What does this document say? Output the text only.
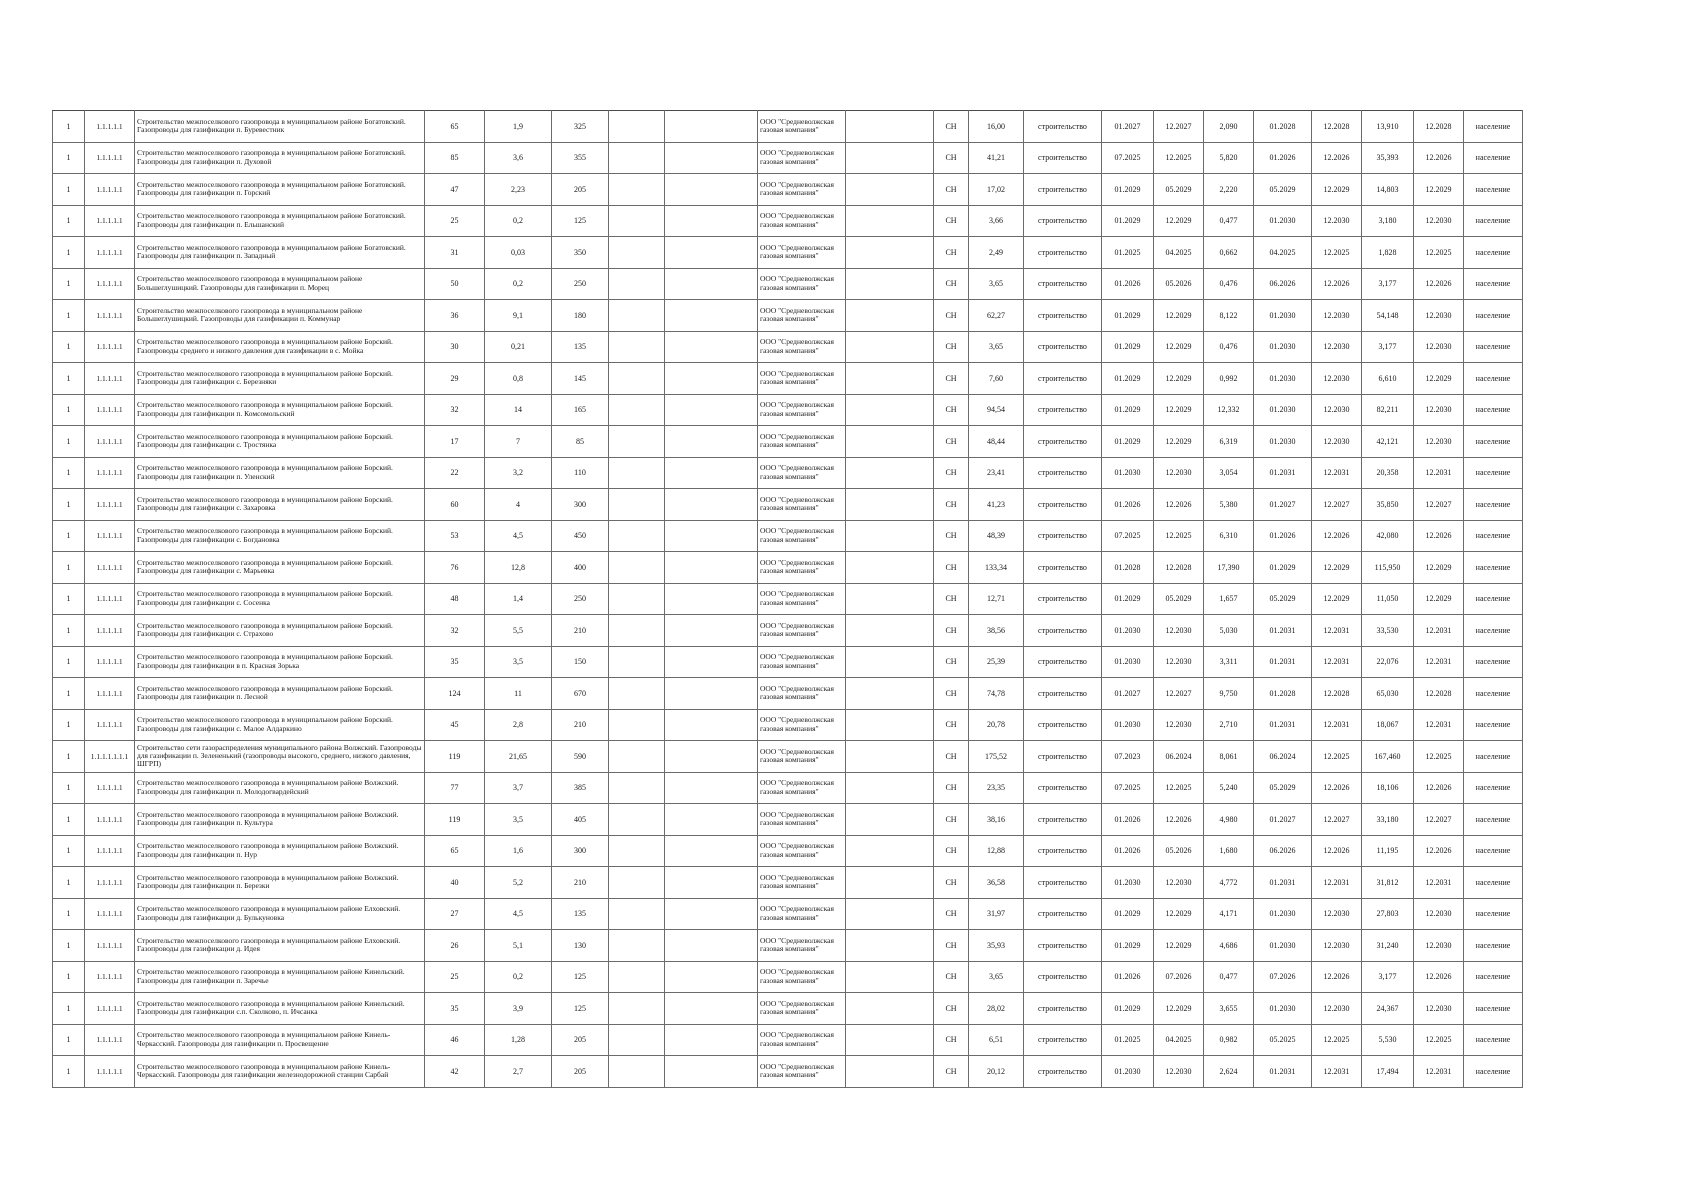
1	1.1.1.1.1	Строительство межпоселкового газопровода в муниципальном районе Богатовский. Газопроводы для газификации п. Буревестник	65	1,9	325			ООО "Средневолжская газовая компания"		СН	16,00	строительство	01.2027	12.2027	2,090	01.2028	12.2028	13,910	12.2028	население
1	1.1.1.1.1	Строительство межпоселкового газопровода в муниципальном районе Богатовский. Газопроводы для газификации п. Духовой	85	3,6	355			ООО "Средневолжская газовая компания"		СН	41,21	строительство	07.2025	12.2025	5,820	01.2026	12.2026	35,393	12.2026	население
1	1.1.1.1.1	Строительство межпоселкового газопровода в муниципальном районе Богатовский. Газопроводы для газификации п. Горский	47	2,23	205			ООО "Средневолжская газовая компания"		СН	17,02	строительство	01.2029	05.2029	2,220	05.2029	12.2029	14,803	12.2029	население
1	1.1.1.1.1	Строительство межпоселкового газопровода в муниципальном районе Богатовский. Газопроводы для газификации п. Ельшанский	25	0,2	125			ООО "Средневолжская газовая компания"		СН	3,66	строительство	01.2029	12.2029	0,477	01.2030	12.2030	3,180	12.2030	население
1	1.1.1.1.1	Строительство межпоселкового газопровода в муниципальном районе Богатовский. Газопроводы для газификации п. Западный	31	0,03	350			ООО "Средневолжская газовая компания"		СН	2,49	строительство	01.2025	04.2025	0,662	04.2025	12.2025	1,828	12.2025	население
1	1.1.1.1.1	Строительство межпоселкового газопровода в муниципальном районе Большеглушицкий. Газопроводы для газификации п. Морец	50	0,2	250			ООО "Средневолжская газовая компания"		СН	3,65	строительство	01.2026	05.2026	0,476	06.2026	12.2026	3,177	12.2026	население
1	1.1.1.1.1	Строительство межпоселкового газопровода в муниципальном районе Большеглушицкий. Газопроводы для газификации п. Коммунар	36	9,1	180			ООО "Средневолжская газовая компания"		СН	62,27	строительство	01.2029	12.2029	8,122	01.2030	12.2030	54,148	12.2030	население
1	1.1.1.1.1	Строительство межпоселкового газопровода в муниципальном районе Борский. Газопроводы среднего и низкого давления для газификации в с. Мойка	30	0,21	135			ООО "Средневолжская газовая компания"		СН	3,65	строительство	01.2029	12.2029	0,476	01.2030	12.2030	3,177	12.2030	население
1	1.1.1.1.1	Строительство межпоселкового газопровода в муниципальном районе Борский. Газопроводы для газификации с. Березняки	29	0,8	145			ООО "Средневолжская газовая компания"		СН	7,60	строительство	01.2029	12.2029	0,992	01.2030	12.2030	6,610	12.2029	население
1	1.1.1.1.1	Строительство межпоселкового газопровода в муниципальном районе Борский. Газопроводы для газификации п. Комсомольский	32	14	165			ООО "Средневолжская газовая компания"		СН	94,54	строительство	01.2029	12.2029	12,332	01.2030	12.2030	82,211	12.2030	население
1	1.1.1.1.1	Строительство межпоселкового газопровода в муниципальном районе Борский. Газопроводы для газификации с. Тростянка	17	7	85			ООО "Средневолжская газовая компания"		СН	48,44	строительство	01.2029	12.2029	6,319	01.2030	12.2030	42,121	12.2030	население
1	1.1.1.1.1	Строительство межпоселкового газопровода в муниципальном районе Борский. Газопроводы для газификации п. Уленский	22	3,2	110			ООО "Средневолжская газовая компания"		СН	23,41	строительство	01.2030	12.2030	3,054	01.2031	12.2031	20,358	12.2031	население
1	1.1.1.1.1	Строительство межпоселкового газопровода в муниципальном районе Борский. Газопроводы для газификации с. Захаровка	60	4	300			ООО "Средневолжская газовая компания"		СН	41,23	строительство	01.2026	12.2026	5,380	01.2027	12.2027	35,850	12.2027	население
1	1.1.1.1.1	Строительство межпоселкового газопровода в муниципальном районе Борский. Газопроводы для газификации с. Богдановка	53	4,5	450			ООО "Средневолжская газовая компания"		СН	48,39	строительство	07.2025	12.2025	6,310	01.2026	12.2026	42,080	12.2026	население
1	1.1.1.1.1	Строительство межпоселкового газопровода в муниципальном районе Борский. Газопроводы для газификации с. Марьевка	76	12,8	400			ООО "Средневолжская газовая компания"		СН	133,34	строительство	01.2028	12.2028	17,390	01.2029	12.2029	115,950	12.2029	население
1	1.1.1.1.1	Строительство межпоселкового газопровода в муниципальном районе Борский. Газопроводы для газификации с. Сосенка	48	1,4	250			ООО "Средневолжская газовая компания"		СН	12,71	строительство	01.2029	05.2029	1,657	05.2029	12.2029	11,050	12.2029	население
1	1.1.1.1.1	Строительство межпоселкового газопровода в муниципальном районе Борский. Газопроводы для газификации с. Страхово	32	5,5	210			ООО "Средневолжская газовая компания"		СН	38,56	строительство	01.2030	12.2030	5,030	01.2031	12.2031	33,530	12.2031	население
1	1.1.1.1.1	Строительство межпоселкового газопровода в муниципальном районе Борский. Газопроводы для газификации в п. Красная Зорька	35	3,5	150			ООО "Средневолжская газовая компания"		СН	25,39	строительство	01.2030	12.2030	3,311	01.2031	12.2031	22,076	12.2031	население
1	1.1.1.1.1	Строительство межпоселкового газопровода в муниципальном районе Борский. Газопроводы для газификации п. Лесной	124	11	670			ООО "Средневолжская газовая компания"		СН	74,78	строительство	01.2027	12.2027	9,750	01.2028	12.2028	65,030	12.2028	население
1	1.1.1.1.1	Строительство межпоселкового газопровода в муниципальном районе Борский. Газопроводы для газификации с. Малое Алдаркино	45	2,8	210			ООО "Средневолжская газовая компания"		СН	20,78	строительство	01.2030	12.2030	2,710	01.2031	12.2031	18,067	12.2031	население
1	1.1.1.1.1.1.1	Строительство сети газораспределения муниципального района Волжский. Газопроводы для газификации п. Зелененький (газопроводы высокого, среднего, низкого давления, ШГРП)	119	21,65	590			ООО "Средневолжская газовая компания"		СН	175,52	строительство	07.2023	06.2024	8,061	06.2024	12.2025	167,460	12.2025	население
1	1.1.1.1.1	Строительство межпоселкового газопровода в муниципальном районе Волжский. Газопроводы для газификации п. Молодогвардейский	77	3,7	385			ООО "Средневолжская газовая компания"		СН	23,35	строительство	07.2025	12.2025	5,240	05.2029	12.2026	18,106	12.2026	население
1	1.1.1.1.1	Строительство межпоселкового газопровода в муниципальном районе Волжский. Газопроводы для газификации п. Культура	119	3,5	405			ООО "Средневолжская газовая компания"		СН	38,16	строительство	01.2026	12.2026	4,980	01.2027	12.2027	33,180	12.2027	население
1	1.1.1.1.1	Строительство межпоселкового газопровода в муниципальном районе Волжский. Газопроводы для газификации п. Нур	65	1,6	300			ООО "Средневолжская газовая компания"		СН	12,88	строительство	01.2026	05.2026	1,680	06.2026	12.2026	11,195	12.2026	население
1	1.1.1.1.1	Строительство межпоселкового газопровода в муниципальном районе Волжский. Газопроводы для газификации п. Березки	40	5,2	210			ООО "Средневолжская газовая компания"		СН	36,58	строительство	01.2030	12.2030	4,772	01.2031	12.2031	31,812	12.2031	население
1	1.1.1.1.1	Строительство межпоселкового газопровода в муниципальном районе Елховский. Газопроводы для газификации д. Булькуновка	27	4,5	135			ООО "Средневолжская газовая компания"		СН	31,97	строительство	01.2029	12.2029	4,171	01.2030	12.2030	27,803	12.2030	население
1	1.1.1.1.1	Строительство межпоселкового газопровода в муниципальном районе Елховский. Газопроводы для газификации д. Идея	26	5,1	130			ООО "Средневолжская газовая компания"		СН	35,93	строительство	01.2029	12.2029	4,686	01.2030	12.2030	31,240	12.2030	население
1	1.1.1.1.1	Строительство межпоселкового газопровода в муниципальном районе Кинельский. Газопроводы для газификации п. Заречье	25	0,2	125			ООО "Средневолжская газовая компания"		СН	3,65	строительство	01.2026	07.2026	0,477	07.2026	12.2026	3,177	12.2026	население
1	1.1.1.1.1	Строительство межпоселкового газопровода в муниципальном районе Кинельский. Газопроводы для газификации с.п. Сколково, п. Ичсанка	35	3,9	125			ООО "Средневолжская газовая компания"		СН	28,02	строительство	01.2029	12.2029	3,655	01.2030	12.2030	24,367	12.2030	население
1	1.1.1.1.1	Строительство межпоселкового газопровода в муниципальном районе Кинель-Черкасский. Газопроводы для газификации п. Просвещение	46	1,28	205			ООО "Средневолжская газовая компания"		СН	6,51	строительство	01.2025	04.2025	0,982	05.2025	12.2025	5,530	12.2025	население
1	1.1.1.1.1	Строительство межпоселкового газопровода в муниципальном районе Кинель-Черкасский. Газопроводы для газификации железнодорожной станции Сарбай	42	2,7	205			ООО "Средневолжская газовая компания"		СН	20,12	строительство	01.2030	12.2030	2,624	01.2031	12.2031	17,494	12.2031	население
